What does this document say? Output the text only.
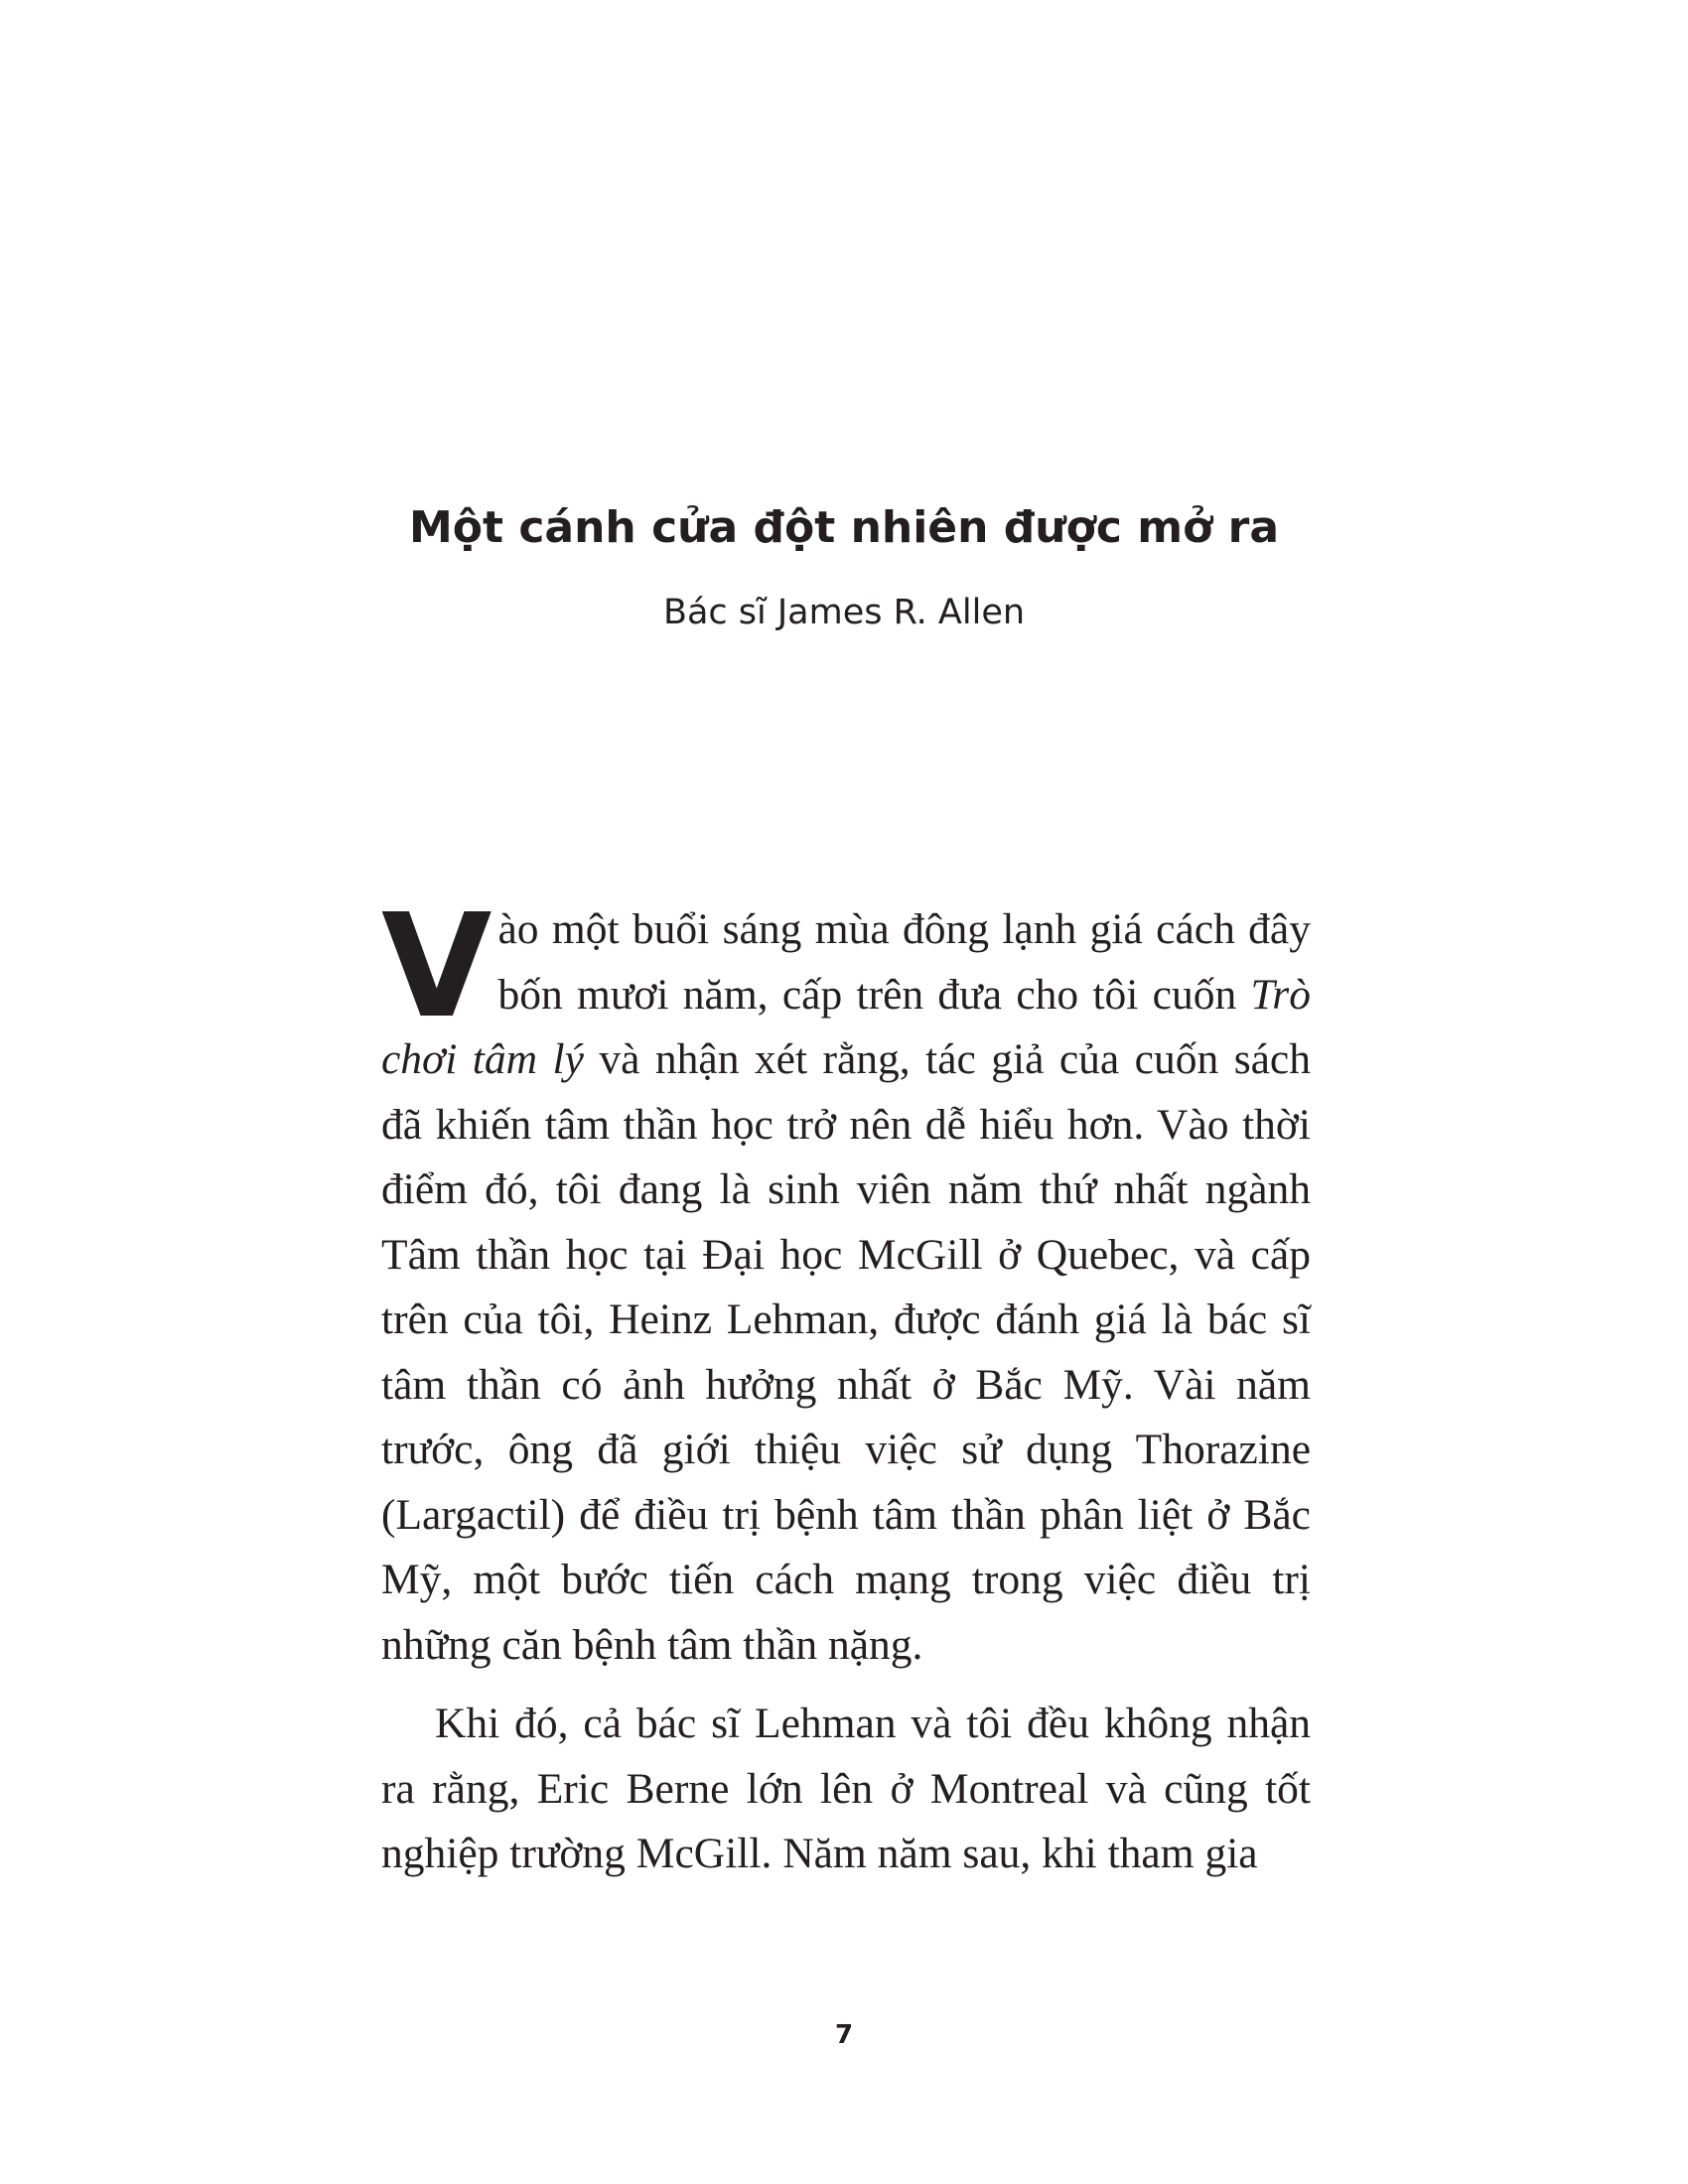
Một cánh cửa đột nhiên được mở ra
Bác sĩ James R. Allen

Vào một buổi sáng mùa đông lạnh giá cách đây bốn mươi năm, cấp trên đưa cho tôi cuốn Trò chơi tâm lý và nhận xét rằng, tác giả của cuốn sách đã khiến tâm thần học trở nên dễ hiểu hơn. Vào thời điểm đó, tôi đang là sinh viên năm thứ nhất ngành Tâm thần học tại Đại học McGill ở Quebec, và cấp trên của tôi, Heinz Lehman, được đánh giá là bác sĩ tâm thần có ảnh hưởng nhất ở Bắc Mỹ. Vài năm trước, ông đã giới thiệu việc sử dụng Thorazine (Largactil) để điều trị bệnh tâm thần phân liệt ở Bắc Mỹ, một bước tiến cách mạng trong việc điều trị những căn bệnh tâm thần nặng.

Khi đó, cả bác sĩ Lehman và tôi đều không nhận ra rằng, Eric Berne lớn lên ở Montreal và cũng tốt nghiệp trường McGill. Năm năm sau, khi tham gia

7
